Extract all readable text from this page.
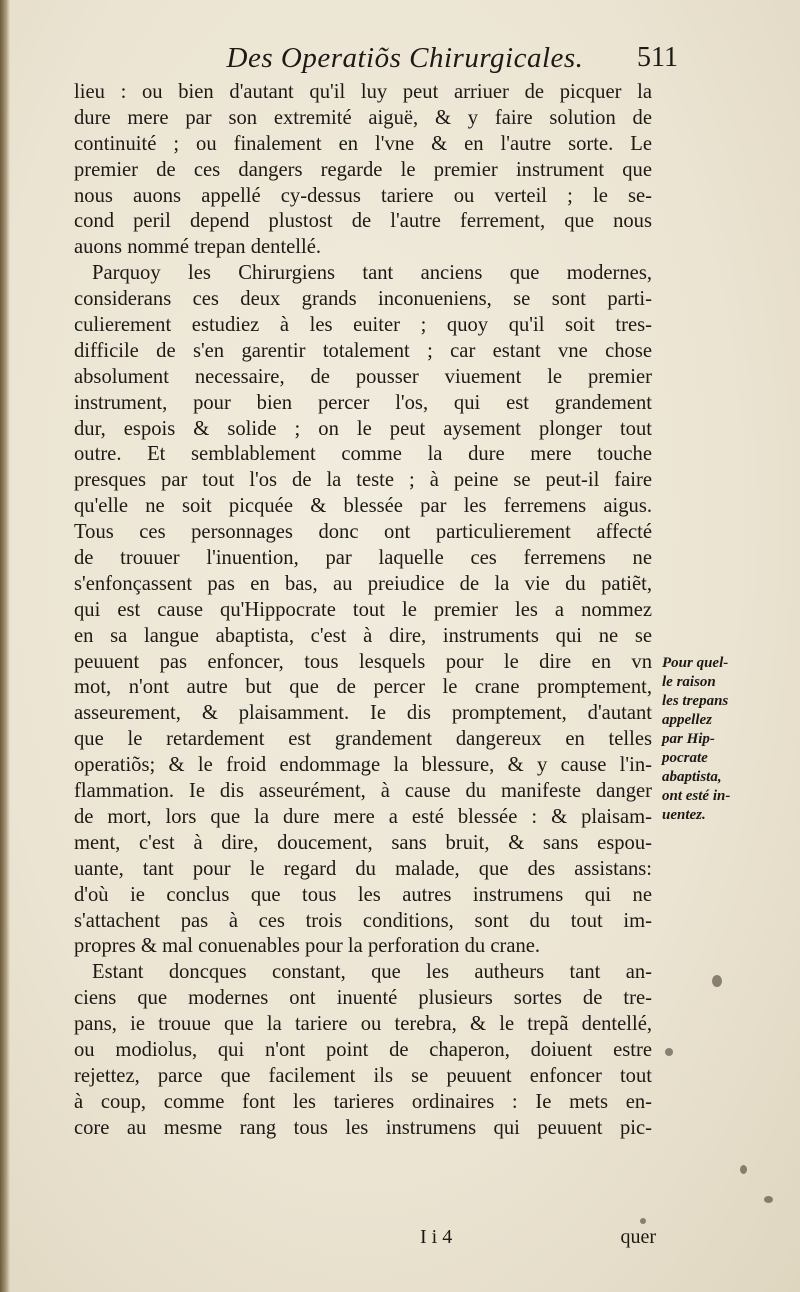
Des Operatiõs Chirurgicales.	511
lieu : ou bien d'autant qu'il luy peut arriuer de picquer la
dure mere par son extremité aiguë, & y faire solution de
continuité ; ou finalement en l'vne & en l'autre sorte. Le
premier de ces dangers regarde le premier instrument que
nous auons appellé cy-dessus tariere ou verteil ; le se-
cond peril depend plustost de l'autre ferrement, que nous
auons nommé trepan dentellé.
Parquoy les Chirurgiens tant anciens que modernes,
considerans ces deux grands inconueniens, se sont parti-
culierement estudiez à les euiter ; quoy qu'il soit tres-
difficile de s'en garentir totalement ; car estant vne chose
absolument necessaire, de pousser viuement le premier
instrument, pour bien percer l'os, qui est grandement
dur, espois & solide ; on le peut aysement plonger tout
outre. Et semblablement comme la dure mere touche
presques par tout l'os de la teste ; à peine se peut-il faire
qu'elle ne soit picquée & blessée par les ferremens aigus.
Tous ces personnages donc ont particulierement affecté
de trouuer l'inuention, par laquelle ces ferremens ne
s'enfonçassent pas en bas, au preiudice de la vie du patiẽt,
qui est cause qu'Hippocrate tout le premier les a nommez
en sa langue abaptista, c'est à dire, instruments qui ne se
peuuent pas enfoncer, tous lesquels pour le dire en vn
mot, n'ont autre but que de percer le crane promptement,
asseurement, & plaisamment. Ie dis promptement, d'autant
que le retardement est grandement dangereux en telles
operatiõs; & le froid endommage la blessure, & y cause l'in-
flammation. Ie dis asseurément, à cause du manifeste danger
de mort, lors que la dure mere a esté blessée : & plaisam-
ment, c'est à dire, doucement, sans bruit, & sans espou-
uante, tant pour le regard du malade, que des assistans:
d'où ie conclus que tous les autres instrumens qui ne
s'attachent pas à ces trois conditions, sont du tout im-
propres & mal conuenables pour la perforation du crane.
Estant doncques constant, que les autheurs tant an-
ciens que modernes ont inuenté plusieurs sortes de tre-
pans, ie trouue que la tariere ou terebra, & le trepã dentellé,
ou modiolus, qui n'ont point de chaperon, doiuent estre
rejettez, parce que facilement ils se peuuent enfoncer tout
à coup, comme font les tarieres ordinaires : Ie mets en-
core au mesme rang tous les instrumens qui peuuent pic-
Pour quel-
le raison
les trepans
appellez
par Hip-
pocrate
abaptista,
ont esté in-
uentez.
I i 4	quer
